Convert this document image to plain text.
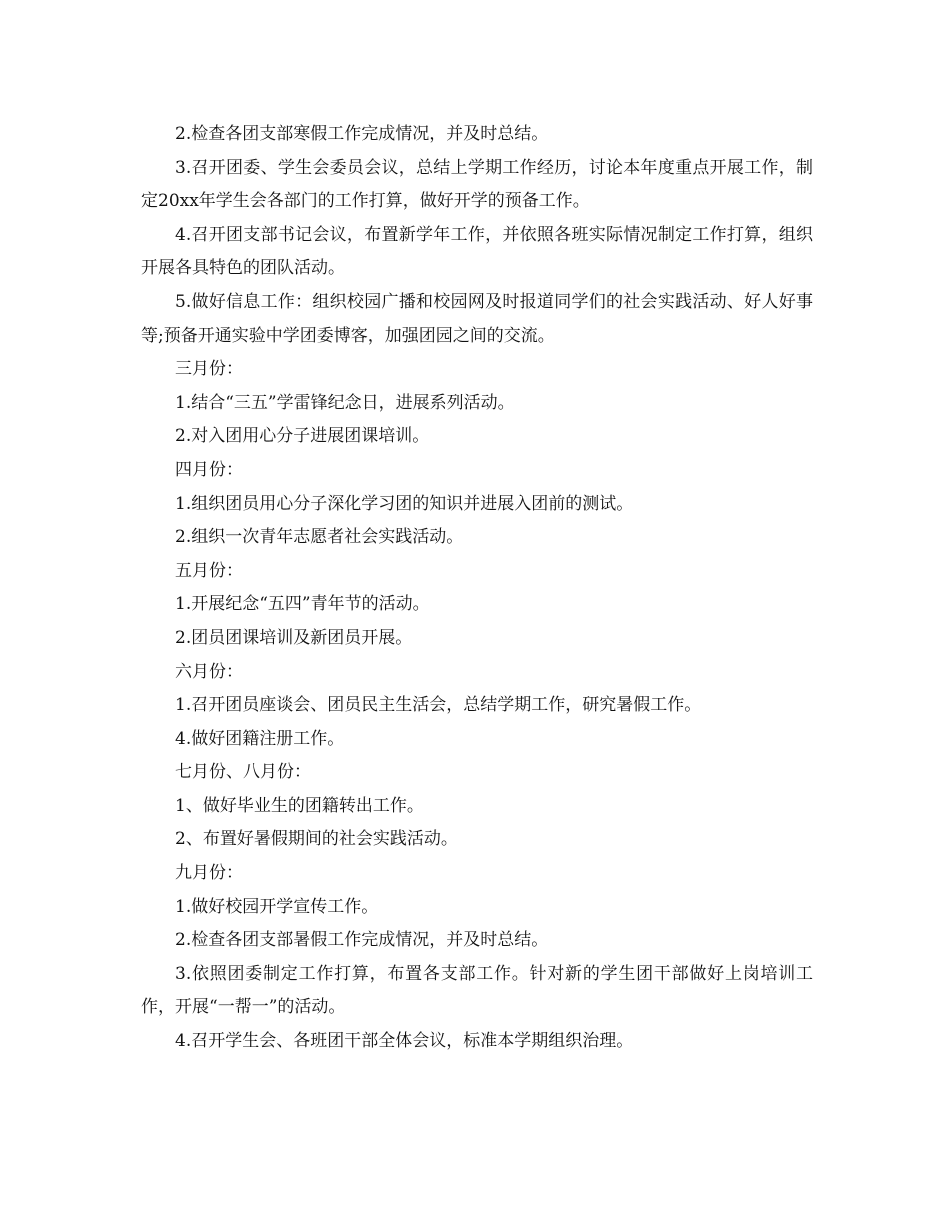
2.检查各团支部寒假工作完成情况，并及时总结。

3.召开团委、学生会委员会议，总结上学期工作经历，讨论本年度重点开展工作，制定20xx年学生会各部门的工作打算，做好开学的预备工作。

4.召开团支部书记会议，布置新学年工作，并依照各班实际情况制定工作打算，组织开展各具特色的团队活动。

5.做好信息工作：组织校园广播和校园网及时报道同学们的社会实践活动、好人好事等;预备开通实验中学团委博客，加强团园之间的交流。

三月份：

1.结合“三五”学雷锋纪念日，进展系列活动。

2.对入团用心分子进展团课培训。

四月份：

1.组织团员用心分子深化学习团的知识并进展入团前的测试。

2.组织一次青年志愿者社会实践活动。

五月份：

1.开展纪念“五四”青年节的活动。

2.团员团课培训及新团员开展。

六月份：

1.召开团员座谈会、团员民主生活会，总结学期工作，研究暑假工作。

4.做好团籍注册工作。

七月份、八月份：

1、做好毕业生的团籍转出工作。

2、布置好暑假期间的社会实践活动。

九月份：

1.做好校园开学宣传工作。

2.检查各团支部暑假工作完成情况，并及时总结。

3.依照团委制定工作打算，布置各支部工作。针对新的学生团干部做好上岗培训工作，开展“一帮一”的活动。

4.召开学生会、各班团干部全体会议，标准本学期组织治理。
